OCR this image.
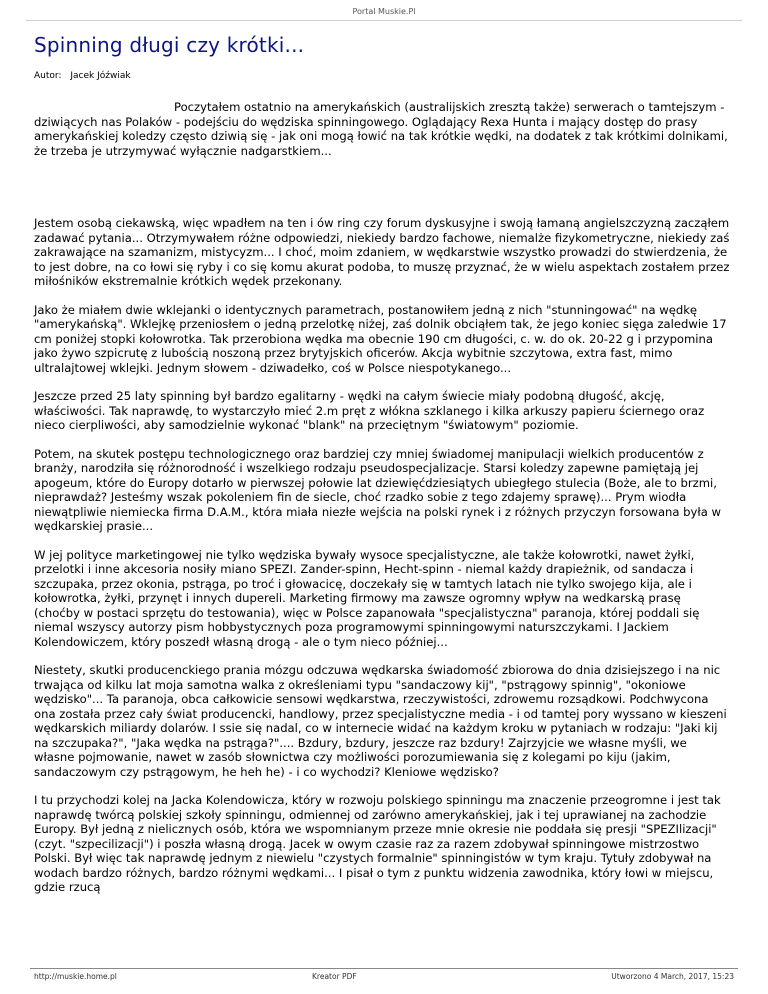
Portal Muskie.Pl
Spinning długi czy krótki...
Autor: Jacek Jóźwiak

Poczytałem ostatnio na amerykańskich (australijskich zresztą także) serwerach o tamtejszym - dziwiących nas Polaków - podejściu do wędziska spinningowego. Oglądający Rexa Hunta i mający dostęp do prasy amerykańskiej koledzy często dziwią się - jak oni mogą łowić na tak krótkie wędki, na dodatek z tak krótkimi dolnikami, że trzeba je utrzymywać wyłącznie nadgarstkiem...

Jestem osobą ciekawską, więc wpadłem na ten i ów ring czy forum dyskusyjne i swoją łamaną angielszczyzną zacząłem zadawać pytania... Otrzymywałem różne odpowiedzi, niekiedy bardzo fachowe, niemalże fizykometryczne, niekiedy zaś zakrawające na szamanizm, mistycyzm... I choć, moim zdaniem, w wędkarstwie wszystko prowadzi do stwierdzenia, że to jest dobre, na co łowi się ryby i co się komu akurat podoba, to muszę przyznać, że w wielu aspektach zostałem przez miłośników ekstremalnie krótkich wędek przekonany.

Jako że miałem dwie wklejanki o identycznych parametrach, postanowiłem jedną z nich "stunningować" na wędkę "amerykańską". Wklejkę przeniosłem o jedną przelotkę niżej, zaś dolnik obciąłem tak, że jego koniec sięga zaledwie 17 cm poniżej stopki kołowrotka. Tak przerobiona wędka ma obecnie 190 cm długości, c. w. do ok. 20-22 g i przypomina jako żywo szpicrutę z lubością noszoną przez brytyjskich oficerów. Akcja wybitnie szczytowa, extra fast, mimo ultralajtowej wklejki. Jednym słowem - dziwadełko, coś w Polsce niespotykanego...

Jeszcze przed 25 laty spinning był bardzo egalitarny - wędki na całym świecie miały podobną długość, akcję, właściwości. Tak naprawdę, to wystarczyło mieć 2.m pręt z włókna szklanego i kilka arkuszy papieru ściernego oraz nieco cierpliwości, aby samodzielnie wykonać "blank" na przeciętnym "światowym" poziomie.

Potem, na skutek postępu technologicznego oraz bardziej czy mniej świadomej manipulacji wielkich producentów z branży, narodziła się różnorodność i wszelkiego rodzaju pseudospecjalizacje. Starsi koledzy zapewne pamiętają jej apogeum, które do Europy dotarło w pierwszej połowie lat dziewięćdziesiątych ubiegłego stulecia (Boże, ale to brzmi, nieprawdaż? Jesteśmy wszak pokoleniem fin de siecle, choć rzadko sobie z tego zdajemy sprawę)... Prym wiodła niewątpliwie niemiecka firma D.A.M., która miała niezłe wejścia na polski rynek i z różnych przyczyn forsowana była w wędkarskiej prasie...

W jej polityce marketingowej nie tylko wędziska bywały wysoce specjalistyczne, ale także kołowrotki, nawet żyłki, przelotki i inne akcesoria nosiły miano SPEZI. Zander-spinn, Hecht-spinn - niemal każdy drapieżnik, od sandacza i szczupaka, przez okonia, pstrąga, po troć i głowacicę, doczekały się w tamtych latach nie tylko swojego kija, ale i kołowrotka, żyłki, przynęt i innych duperelі. Marketing firmowy ma zawsze ogromny wpływ na wedkarską prasę (choćby w postaci sprzętu do testowania), więc w Polsce zapanowała "specjalistyczna" paranoja, której poddali się niemal wszyscy autorzy pism hobbystycznych poza programowymi spinningowymi naturszczykami. I Jackiem Kolendowiczem, który poszedł własną drogą - ale o tym nieco później...

Niestety, skutki producenckiego prania mózgu odczuwa wędkarska świadomość zbiorowa do dnia dzisiejszego i na nic trwająca od kilku lat moja samotna walka z określeniami typu "sandaczowy kij", "pstrągowy spinnig", "okoniowe wędzisko"... Ta paranoja, obca całkowicie sensowi wędkarstwa, rzeczywistości, zdrowemu rozsądkowi. Podchwycona ona została przez cały świat producencki, handlowy, przez specjalistyczne media - i od tamtej pory wyssano w kieszeni wędkarskich miliardy dolarów. I ssie się nadal, co w internecie widać na każdym kroku w pytaniach w rodzaju: "Jaki kij na szczupaka?", "Jaka wędka na pstrąga?".... Bzdury, bzdury, jeszcze raz bzdury! Zajrzyjcie we własne myśli, we własne pojmowanie, nawet w zasób słownictwa czy możliwości porozumiewania się z kolegami po kiju (jakim, sandaczowym czy pstrągowym, he heh he) - i co wychodzi? Kleniowe wędzisko?

I tu przychodzi kolej na Jacka Kolendowicza, który w rozwoju polskiego spinningu ma znaczenie przeogromne i jest tak naprawdę twórcą polskiej szkoły spinningu, odmiennej od zarówno amerykańskiej, jak i tej uprawianej na zachodzie Europy. Był jedną z nielicznych osób, która we wspomnianym przeze mnie okresie nie poddała się presji "SPEZIlizacji" (czyt. "szpecilizacji") i poszła własną drogą. Jacek w owym czasie raz za razem zdobywał spinningowe mistrzostwo Polski. Był więc tak naprawdę jednym z niewielu "czystych formalnie" spinningistów w tym kraju. Tytuły zdobywał na wodach bardzo różnych, bardzo różnymi wędkami... I pisał o tym z punktu widzenia zawodnika, który łowi w miejscu, gdzie rzucą

http://muskie.home.pl	Kreator PDF	Utworzono 4 March, 2017, 15:23
